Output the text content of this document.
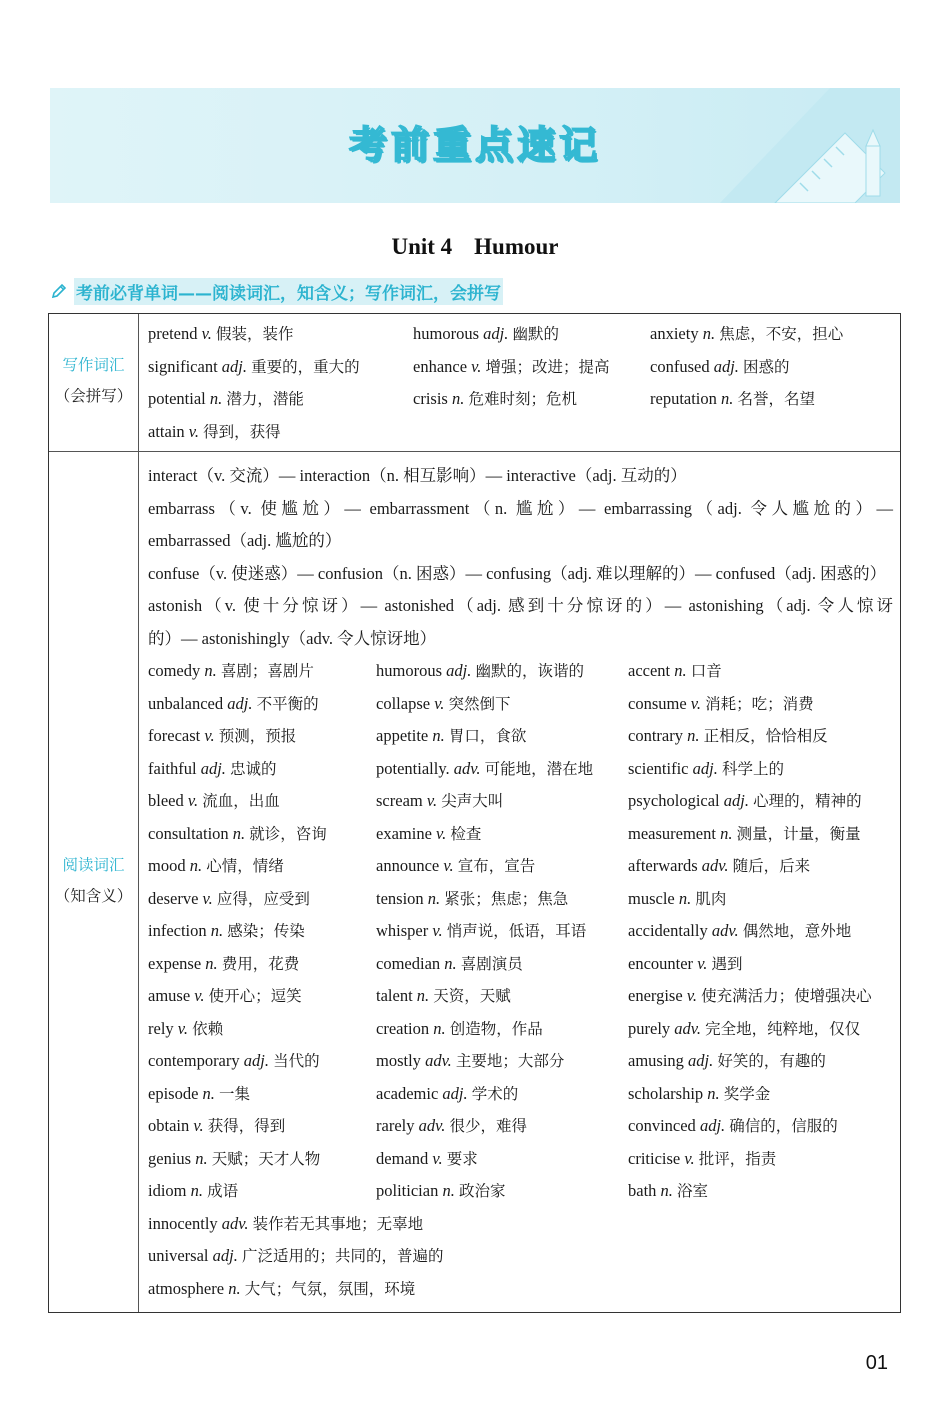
考前重点速记
Unit 4 Humour
考前必背单词——阅读词汇，知含义；写作词汇，会拼写
写作词汇
（会拼写）
阅读词汇
（知含义）
pretend v. 假装，装作	humorous adj. 幽默的	anxiety n. 焦虑，不安，担心
significant adj. 重要的，重大的	enhance v. 增强；改进；提高 confused adj. 困惑的
potential n. 潜力，潜能	crisis n. 危难时刻；危机	reputation n. 名誉，名望
attain v. 得到，获得
interact（v. 交流）— interaction（n. 相互影响）— interactive（adj. 互动的）
embarrass（v. 使尴尬）— embarrassment（n. 尴尬）— embarrassing（adj. 令人尴尬的）—
embarrassed（adj. 尴尬的）
confuse（v. 使迷惑）— confusion（n. 困惑）— confusing（adj. 难以理解的）— confused（adj. 困惑的）
astonish（v. 使十分惊讶）— astonished（adj. 感到十分惊讶的）— astonishing（adj. 令人惊讶
的）— astonishingly（adv. 令人惊讶地）
comedy n. 喜剧；喜剧片	humorous adj. 幽默的，诙谐的	accent n. 口音
unbalanced adj. 不平衡的	collapse v. 突然倒下	consume v. 消耗；吃；消费
forecast v. 预测，预报	appetite n. 胃口，食欲	contrary n. 正相反，恰恰相反
faithful adj. 忠诚的	potentially. adv. 可能地，潜在地 scientific adj. 科学上的
bleed v. 流血，出血	scream v. 尖声大叫	psychological adj. 心理的，精神的
consultation n. 就诊，咨询	examine v. 检查	measurement n. 测量，计量，衡量
mood n. 心情，情绪	announce v. 宣布，宣告	afterwards adv. 随后，后来
deserve v. 应得，应受到	tension n. 紧张；焦虑；焦急	muscle n. 肌肉
infection n. 感染；传染	whisper v. 悄声说，低语，耳语	accidentally adv. 偶然地，意外地
expense n. 费用，花费	comedian n. 喜剧演员	encounter v. 遇到
amuse v. 使开心；逗笑	talent n. 天资，天赋	energise v. 使充满活力；使增强决心
rely v. 依赖	creation n. 创造物，作品	purely adv. 完全地，纯粹地，仅仅
contemporary adj. 当代的	mostly adv. 主要地；大部分	amusing adj. 好笑的，有趣的
episode n. 一集	academic adj. 学术的	scholarship n. 奖学金
obtain v. 获得，得到	rarely adv. 很少，难得	convinced adj. 确信的，信服的
genius n. 天赋；天才人物	demand v. 要求	criticise v. 批评，指责
idiom n. 成语	politician n. 政治家	bath n. 浴室
innocently adv. 装作若无其事地；无辜地
universal adj. 广泛适用的；共同的，普遍的
atmosphere n. 大气；气氛，氛围，环境
01
